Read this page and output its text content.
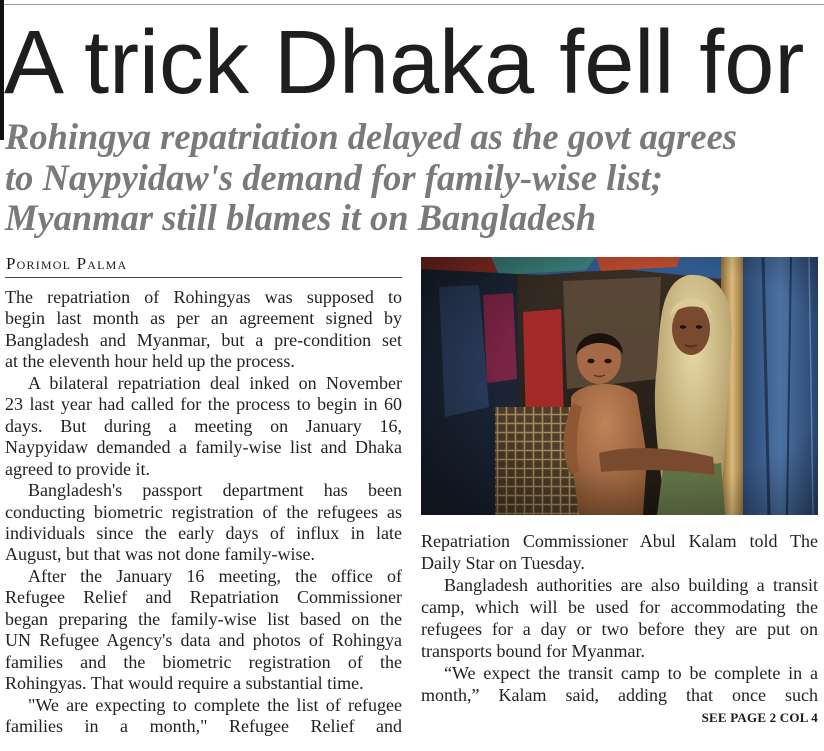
A trick Dhaka fell for
Rohingya repatriation delayed as the govt agrees
to Naypyidaw's demand for family-wise list;
Myanmar still blames it on Bangladesh
Porimol Palma
The repatriation of Rohingyas was supposed to
begin last month as per an agreement signed by
Bangladesh and Myanmar, but a pre-condition set
at the eleventh hour held up the process.
A bilateral repatriation deal inked on November
23 last year had called for the process to begin in 60
days. But during a meeting on January 16,
Naypyidaw demanded a family-wise list and Dhaka
agreed to provide it.
Bangladesh's passport department has been
conducting biometric registration of the refugees as
individuals since the early days of influx in late
August, but that was not done family-wise.
After the January 16 meeting, the office of
Refugee Relief and Repatriation Commissioner
began preparing the family-wise list based on the
UN Refugee Agency's data and photos of Rohingya
families and the biometric registration of the
Rohingyas. That would require a substantial time.
"We are expecting to complete the list of refugee
families in a month," Refugee Relief and
Repatriation Commissioner Abul Kalam told The
Daily Star on Tuesday.
Bangladesh authorities are also building a transit
camp, which will be used for accommodating the
refugees for a day or two before they are put on
transports bound for Myanmar.
“We expect the transit camp to be complete in a
month,” Kalam said, adding that once such
SEE PAGE 2 COL 4
